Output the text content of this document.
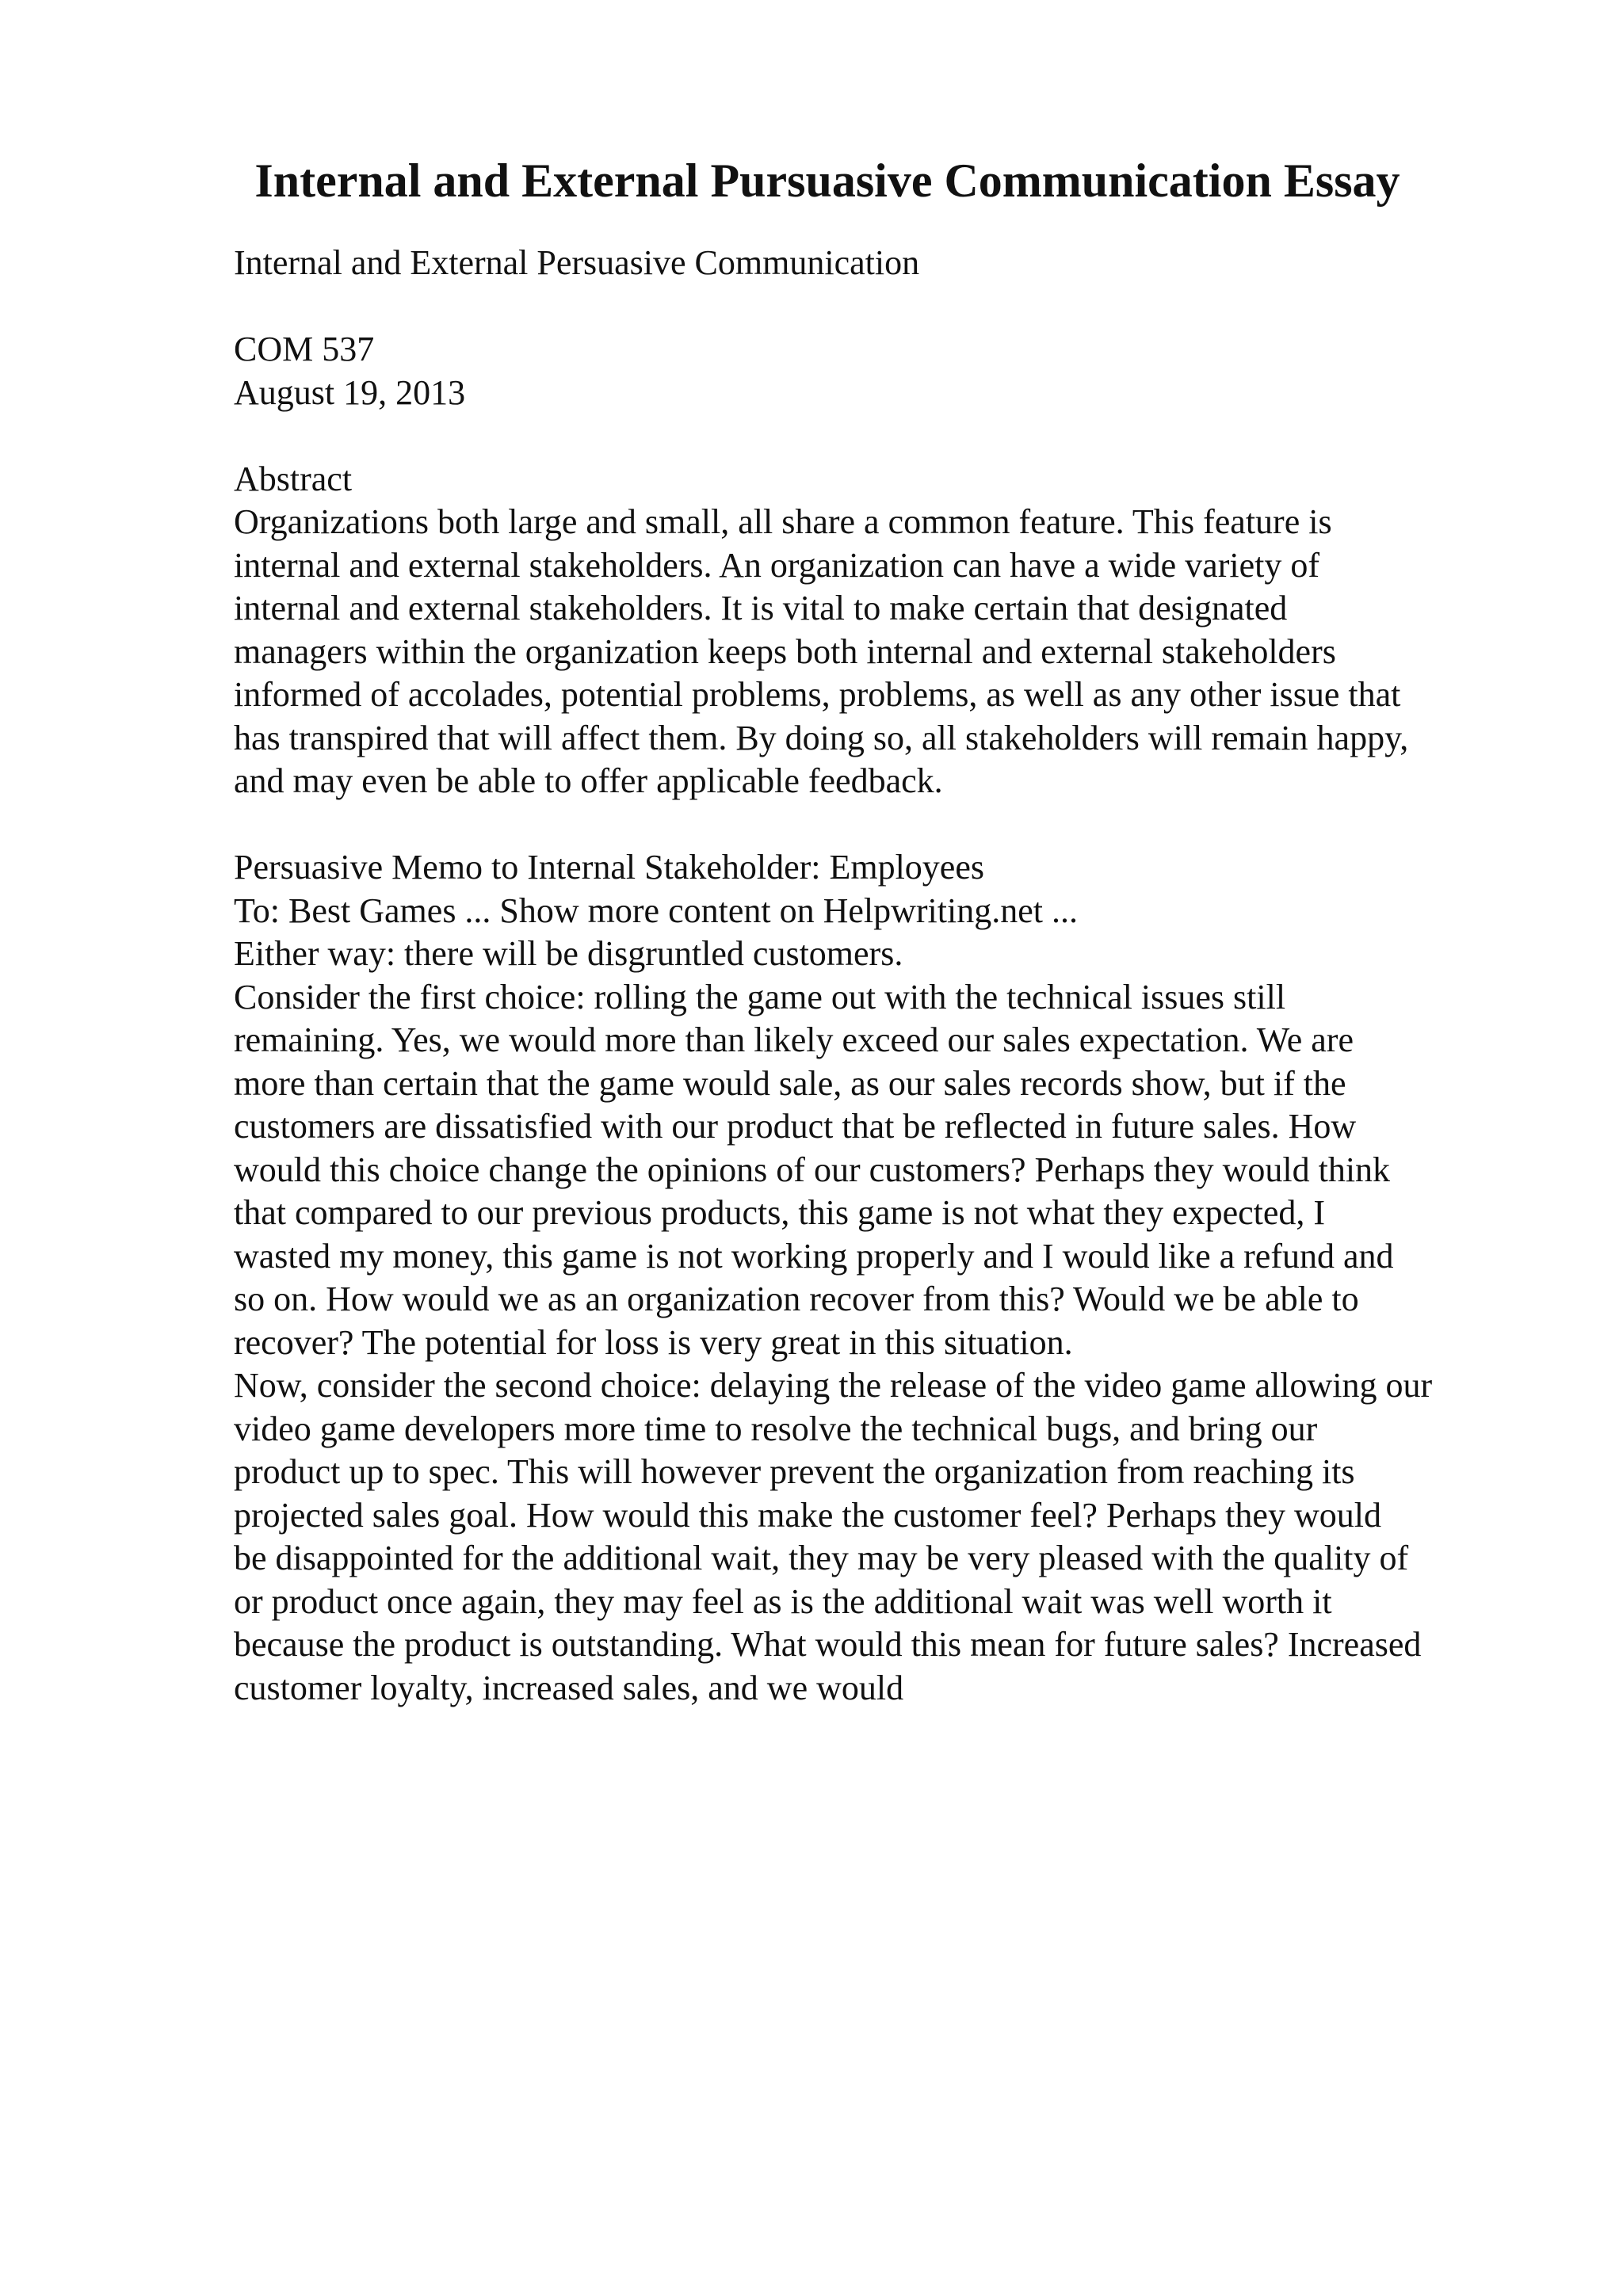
Internal and External Pursuasive Communication Essay
Internal and External Persuasive Communication
COM 537
August 19, 2013
Abstract
Organizations both large and small, all share a common feature. This feature is
internal and external stakeholders. An organization can have a wide variety of
internal and external stakeholders. It is vital to make certain that designated
managers within the organization keeps both internal and external stakeholders
informed of accolades, potential problems, problems, as well as any other issue that
has transpired that will affect them. By doing so, all stakeholders will remain happy,
and may even be able to offer applicable feedback.
Persuasive Memo to Internal Stakeholder: Employees
To: Best Games ... Show more content on Helpwriting.net ...
Either way: there will be disgruntled customers.
Consider the first choice: rolling the game out with the technical issues still
remaining. Yes, we would more than likely exceed our sales expectation. We are
more than certain that the game would sale, as our sales records show, but if the
customers are dissatisfied with our product that be reflected in future sales. How
would this choice change the opinions of our customers? Perhaps they would think
that compared to our previous products, this game is not what they expected, I
wasted my money, this game is not working properly and I would like a refund and
so on. How would we as an organization recover from this? Would we be able to
recover? The potential for loss is very great in this situation.
Now, consider the second choice: delaying the release of the video game allowing our
video game developers more time to resolve the technical bugs, and bring our
product up to spec. This will however prevent the organization from reaching its
projected sales goal. How would this make the customer feel? Perhaps they would
be disappointed for the additional wait, they may be very pleased with the quality of
or product once again, they may feel as is the additional wait was well worth it
because the product is outstanding. What would this mean for future sales? Increased
customer loyalty, increased sales, and we would
